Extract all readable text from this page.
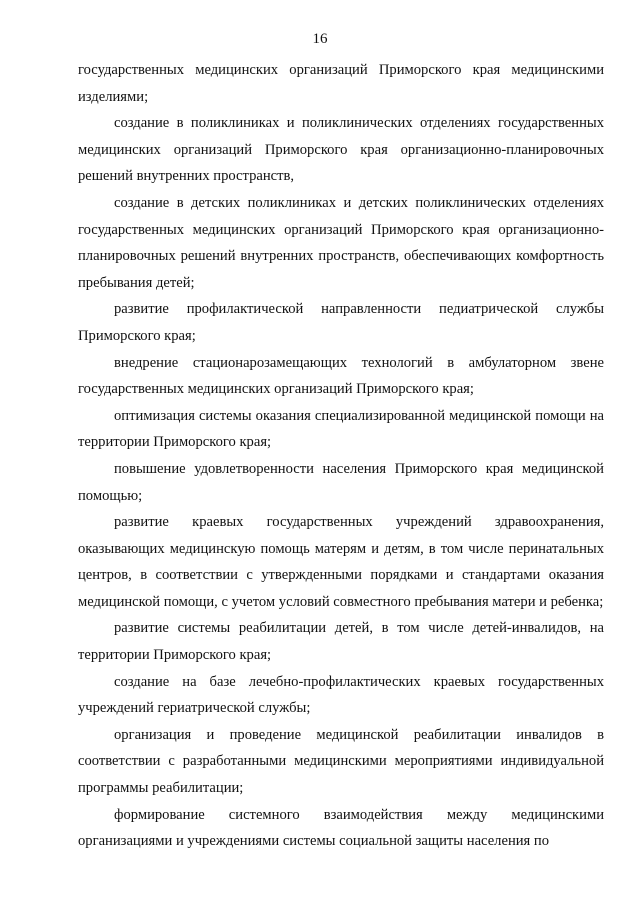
16

государственных медицинских организаций Приморского края медицинскими изделиями;

создание в поликлиниках и поликлинических отделениях государственных медицинских организаций Приморского края организационно-планировочных решений внутренних пространств,

создание в детских поликлиниках и детских поликлинических отделениях государственных медицинских организаций Приморского края организационно-планировочных решений внутренних пространств, обеспечивающих комфортность пребывания детей;

развитие профилактической направленности педиатрической службы Приморского края;

внедрение стационарозамещающих технологий в амбулаторном звене государственных медицинских организаций Приморского края;

оптимизация системы оказания специализированной медицинской помощи на территории Приморского края;

повышение удовлетворенности населения Приморского края медицинской помощью;

развитие краевых государственных учреждений здравоохранения, оказывающих медицинскую помощь матерям и детям, в том числе перинатальных центров, в соответствии с утвержденными порядками и стандартами оказания медицинской помощи, с учетом условий совместного пребывания матери и ребенка;

развитие системы реабилитации детей, в том числе детей-инвалидов, на территории Приморского края;

создание на базе лечебно-профилактических краевых государственных учреждений гериатрической службы;

организация и проведение медицинской реабилитации инвалидов в соответствии с разработанными медицинскими мероприятиями индивидуальной программы реабилитации;

формирование системного взаимодействия между медицинскими организациями и учреждениями системы социальной защиты населения по
